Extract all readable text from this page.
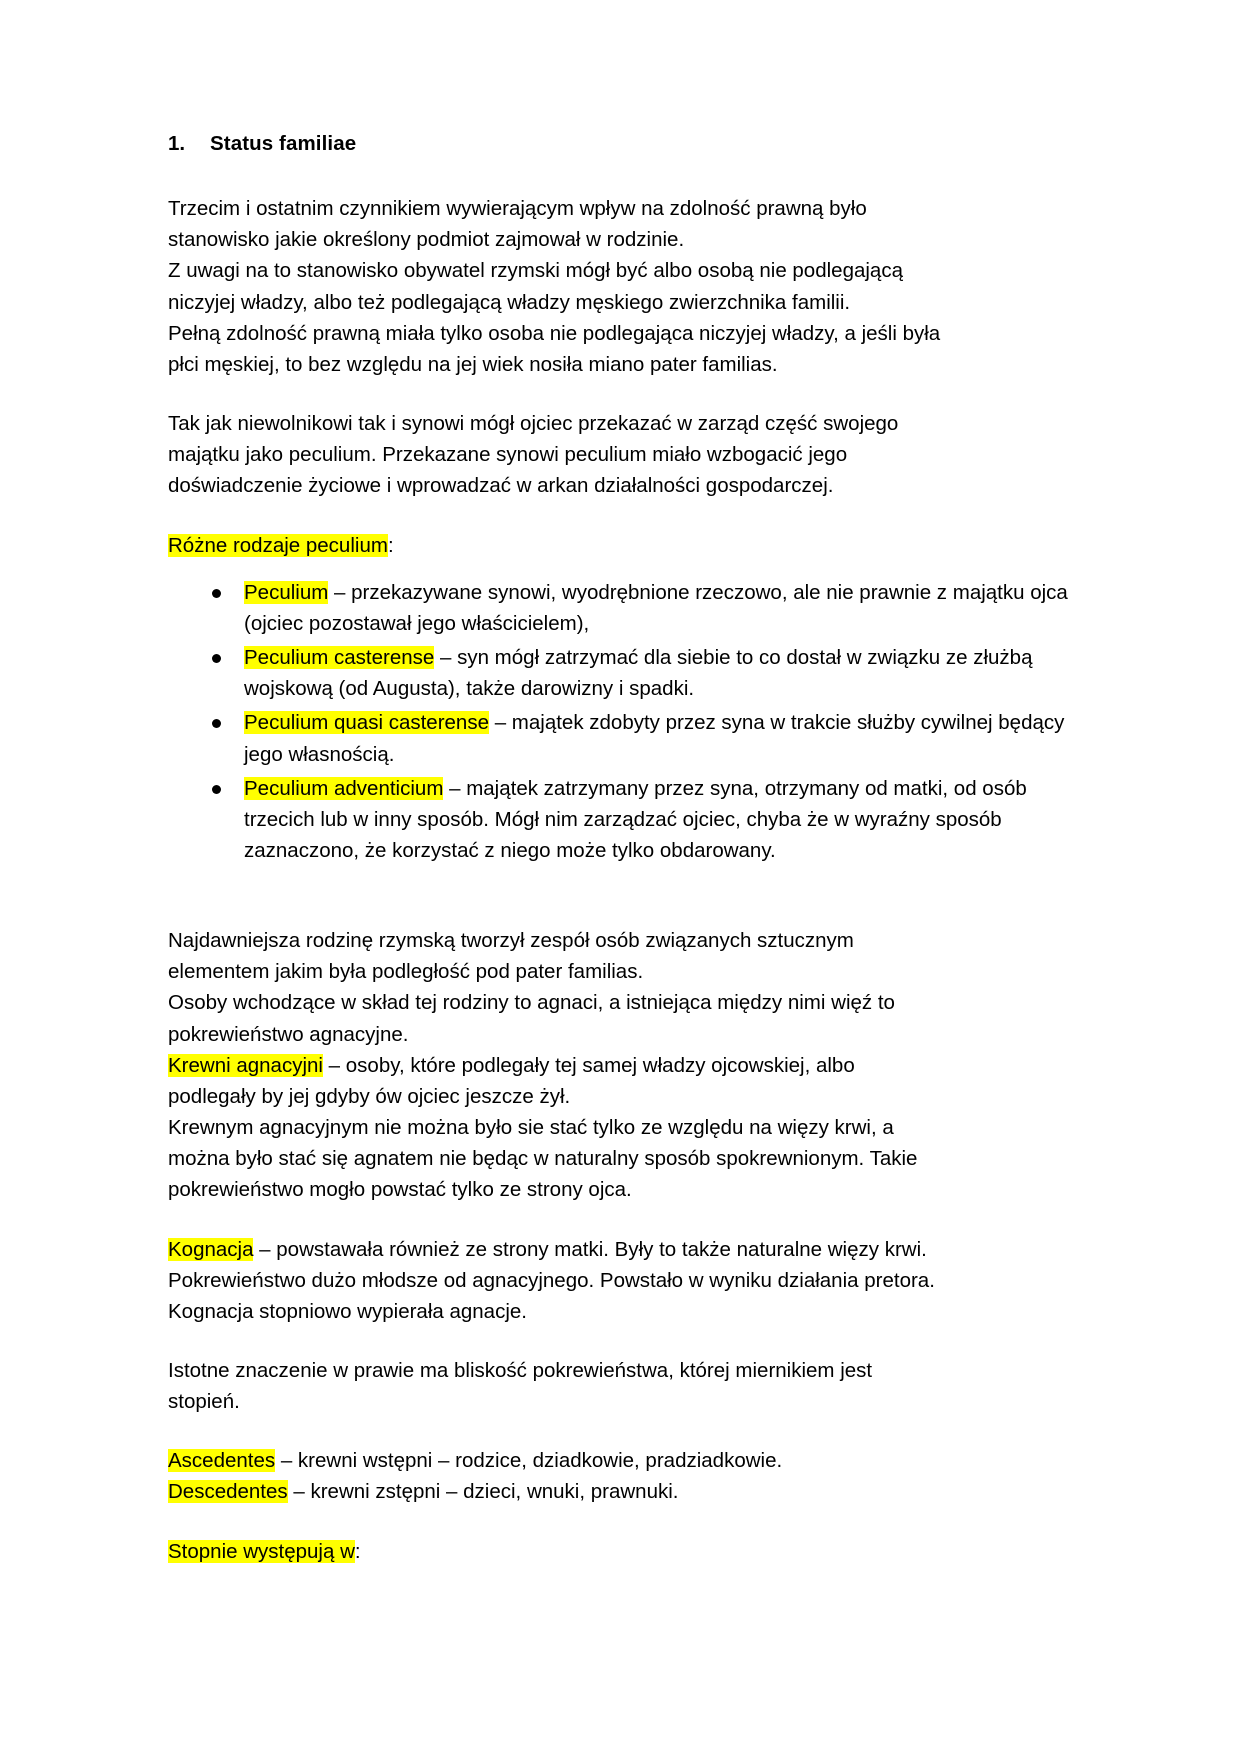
1.	Status familiae
Trzecim i ostatnim czynnikiem wywierającym wpływ na zdolność prawną było
stanowisko jakie określony podmiot zajmował w rodzinie.
Z uwagi na to stanowisko obywatel rzymski mógł być albo osobą nie podlegającą
niczyjej władzy, albo też podlegającą władzy męskiego zwierzchnika familii.
Pełną zdolność prawną miała tylko osoba nie podlegająca niczyjej władzy, a jeśli była
płci męskiej, to bez względu na jej wiek nosiła miano pater familias.
Tak jak niewolnikowi tak i synowi mógł ojciec przekazać w zarząd część swojego
majątku jako peculium. Przekazane synowi peculium miało wzbogacić jego
doświadczenie życiowe i wprowadzać w arkan działalności gospodarczej.
Różne rodzaje peculium:
Peculium – przekazywane synowi, wyodrębnione rzeczowo, ale nie prawnie z majątku ojca (ojciec pozostawał jego właścicielem),
Peculium casterense – syn mógł zatrzymać dla siebie to co dostał w związku ze złużbą wojskową (od Augusta), także darowizny i spadki.
Peculium quasi casterense – majątek zdobyty przez syna w trakcie służby cywilnej będący jego własnością.
Peculium adventicium – majątek zatrzymany przez syna, otrzymany od matki, od osób trzecich lub w inny sposób. Mógł nim zarządzać ojciec, chyba że w wyraźny sposób zaznaczono, że korzystać z niego może tylko obdarowany.
Najdawniejsza rodzinę rzymską tworzył zespół osób związanych sztucznym
elementem jakim była podległość pod pater familias.
Osoby wchodzące w skład tej rodziny to agnaci, a istniejąca między nimi więź to
pokrewieństwo agnacyjne.
Krewni agnacyjni – osoby, które podlegały tej samej władzy ojcowskiej, albo
podlegały by jej gdyby ów ojciec jeszcze żył.
Krewnym agnacyjnym nie można było sie stać tylko ze względu na więzy krwi, a
można było stać się agnatem nie będąc w naturalny sposób spokrewnionym. Takie
pokrewieństwo mogło powstać tylko ze strony ojca.
Kognacja – powstawała również ze strony matki. Były to także naturalne więzy krwi.
Pokrewieństwo dużo młodsze od agnacyjnego. Powstało w wyniku działania pretora.
Kognacja stopniowo wypierała agnacje.
Istotne znaczenie w prawie ma bliskość pokrewieństwa, której miernikiem jest
stopień.
Ascedentes – krewni wstępni – rodzice, dziadkowie, pradziadkowie.
Descedentes – krewni zstępni – dzieci, wnuki, prawnuki.
Stopnie występują w:
